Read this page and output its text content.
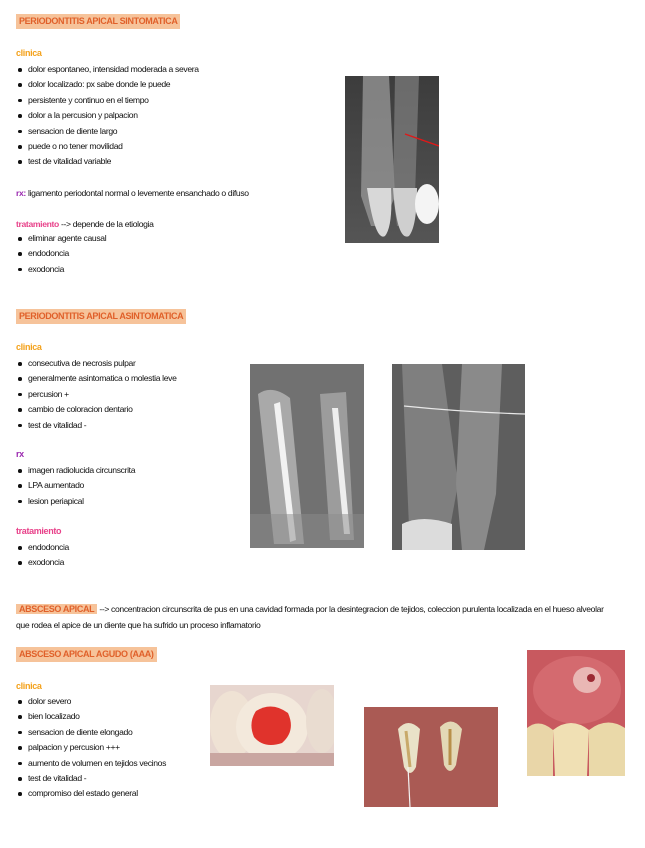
PERIODONTITIS APICAL SINTOMATICA
clinica
dolor espontaneo, intensidad moderada a severa
dolor localizado: px sabe donde le puede
persistente y continuo en el tiempo
dolor a la percusion y palpacion
sensacion de diente largo
puede o no tener movilidad
test de vitalidad variable
rx: ligamento periodontal normal o levemente ensanchado o difuso
tratamiento --> depende de la etiologia
eliminar agente causal
endodoncia
exodoncia
PERIODONTITIS APICAL ASINTOMATICA
clinica
consecutiva de necrosis pulpar
generalmente asintomatica o molestia leve
percusion +
cambio de coloracion dentario
test de vitalidad -
rx
imagen radiolucida circunscrita
LPA aumentado
lesion periapical
tratamiento
endodoncia
exodoncia
ABSCESO APICAL --> concentracion circunscrita de pus en una cavidad formada por la desintegracion de tejidos, coleccion purulenta localizada en el hueso alveolar que rodea el apice de un diente que ha sufrido un proceso inflamatorio
ABSCESO APICAL AGUDO (AAA)
clinica
dolor severo
bien localizado
sensacion de diente elongado
palpacion y percusion +++
aumento de volumen en tejidos vecinos
test de vitalidad -
compromiso del estado general
